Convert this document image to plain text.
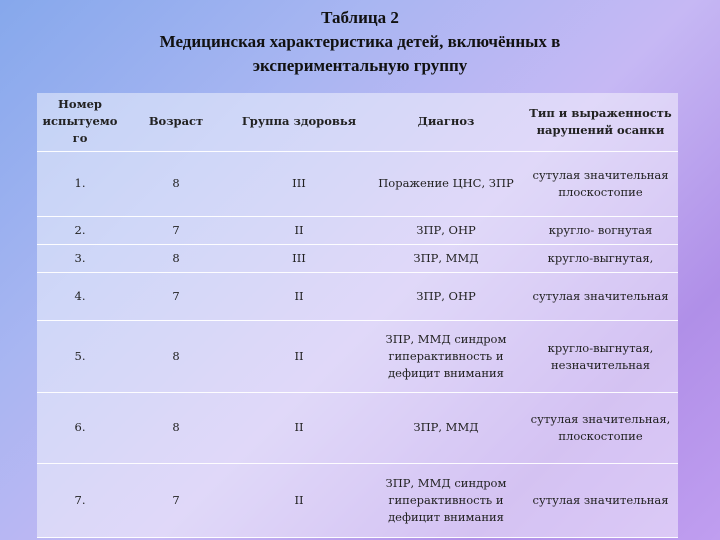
Таблица 2
Медицинская характеристика детей, включённых в
экспериментальную группу
Номер испытуемо го	Возраст	Группа здоровья	Диагноз	Тип и выраженность нарушений осанки
1.	8	III	Поражение ЦНС, ЗПР	сутулая значительная плоскостопие
2.	7	II	ЗПР, ОНР	кругло- вогнутая
3.	8	III	ЗПР, ММД	кругло-выгнутая,
4.	7	II	ЗПР, ОНР	сутулая значительная
5.	8	II	ЗПР, ММД синдром гиперактивность и дефицит внимания	кругло-выгнутая, незначительная
6.	8	II	ЗПР, ММД	сутулая значительная, плоскостопие
7.	7	II	ЗПР, ММД синдром гиперактивность и дефицит внимания	сутулая значительная
